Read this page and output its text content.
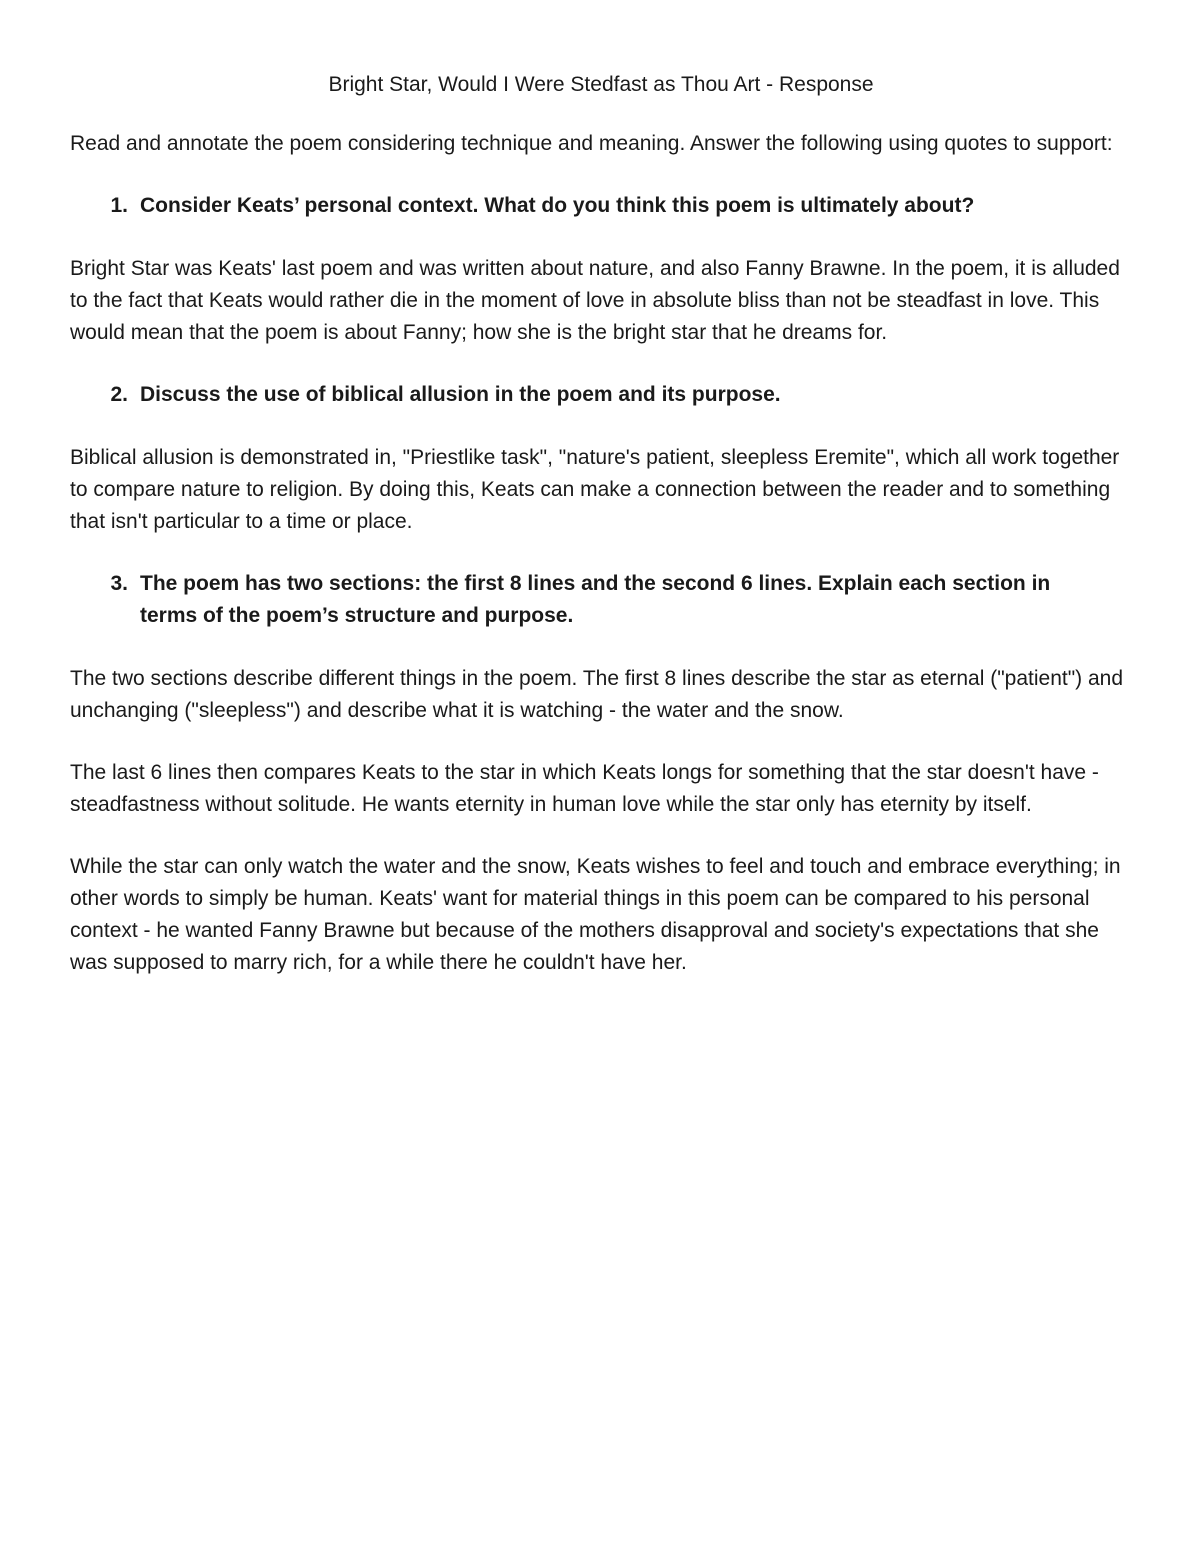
Bright Star, Would I Were Stedfast as Thou Art - Response

Read and annotate the poem considering technique and meaning. Answer the following using quotes to support:

1. Consider Keats’ personal context. What do you think this poem is ultimately about?

Bright Star was Keats' last poem and was written about nature, and also Fanny Brawne. In the poem, it is alluded to the fact that Keats would rather die in the moment of love in absolute bliss than not be steadfast in love. This would mean that the poem is about Fanny; how she is the bright star that he dreams for.

2. Discuss the use of biblical allusion in the poem and its purpose.

Biblical allusion is demonstrated in, "Priestlike task", "nature's patient, sleepless Eremite", which all work together to compare nature to religion. By doing this, Keats can make a connection between the reader and to something that isn't particular to a time or place.

3. The poem has two sections: the first 8 lines and the second 6 lines. Explain each section in terms of the poem’s structure and purpose.

The two sections describe different things in the poem. The first 8 lines describe the star as eternal ("patient") and unchanging ("sleepless") and describe what it is watching - the water and the snow.

The last 6 lines then compares Keats to the star in which Keats longs for something that the star doesn't have - steadfastness without solitude. He wants eternity in human love while the star only has eternity by itself.

While the star can only watch the water and the snow, Keats wishes to feel and touch and embrace everything; in other words to simply be human. Keats' want for material things in this poem can be compared to his personal context - he wanted Fanny Brawne but because of the mothers disapproval and society's expectations that she was supposed to marry rich, for a while there he couldn't have her.
